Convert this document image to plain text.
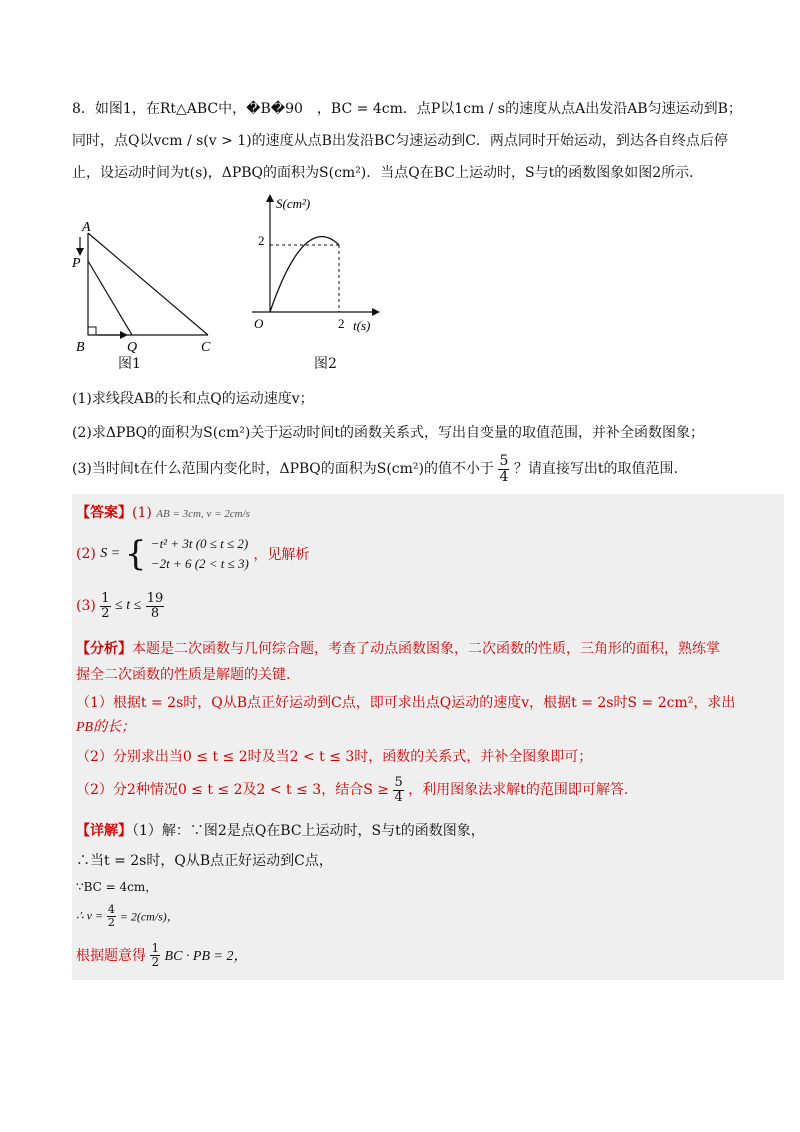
8．如图1，在Rt△ABC中，�B�90　，BC = 4cm．点P以1cm / s的速度从点A出发沿AB匀速运动到B；
同时，点Q以vcm / s(v > 1)的速度从点B出发沿BC匀速运动到C．两点同时开始运动，到达各自终点后停
止，设运动时间为t(s)，ΔPBQ的面积为S(cm²)．当点Q在BC上运动时，S与t的函数图象如图2所示．
A
P
B	Q	C
图1
S(cm²)
t(s)
O
2
2
图2
(1)求线段AB的长和点Q的运动速度v；
(2)求ΔPBQ的面积为S(cm²)关于运动时间t的函数关系式，写出自变量的取值范围，并补全函数图象；
(3)当时间t在什么范围内变化时，ΔPBQ的面积为S(cm²)的值不小于 $\frac{5}{4}$ ？请直接写出t的取值范围.
【答案】(1) AB = 3cm, v = 2cm/s
(2) S = { −t² + 3t (0 ≤ t ≤ 2)
−2t + 6 (2 < t ≤ 3)
，见解析
$(3) \frac{1}{2} \le t \le \frac{19}{8}$
【分析】本题是二次函数与几何综合题，考查了动点函数图象，二次函数的性质，三角形的面积，熟练掌
握全二次函数的性质是解题的关键.
（1）根据t = 2s时，Q从B点正好运动到C点，即可求出点Q运动的速度v，根据t = 2s时S = 2cm²，求出
PB的长；
（2）分别求出当0 ≤ t ≤ 2时及当2 < t ≤ 3时，函数的关系式，并补全图象即可；
（2）分2种情况0 ≤ t ≤ 2及2 < t ≤ 3，结合$S \ge \frac{5}{4}$ ，利用图象法求解t的范围即可解答.
【详解】（1）解：∵图2是点Q在BC上运动时，S与t的函数图象，
∴当t = 2s时，Q从B点正好运动到C点，
∵BC = 4cm，
∴ $v = \frac{4}{2} = 2(cm/s)$，
根据题意得 $\frac{1}{2}$ BC · PB = 2，
